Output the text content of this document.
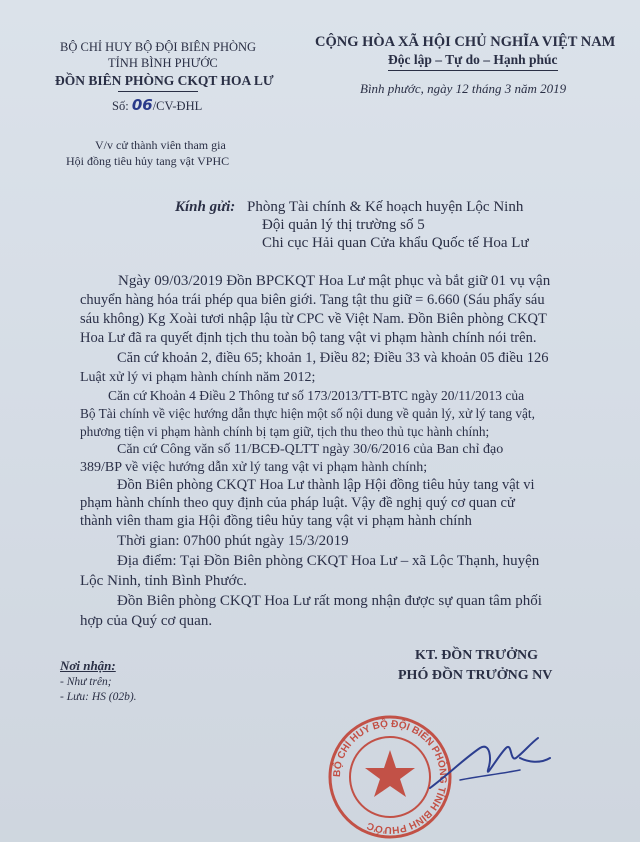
BỘ CHỈ HUY BỘ ĐỘI BIÊN PHÒNG
TỈNH BÌNH PHƯỚC
ĐỒN BIÊN PHÒNG CKQT HOA LƯ
Số: 06/CV-ĐHL
CỘNG HÒA XÃ HỘI CHỦ NGHĨA VIỆT NAM
Độc lập – Tự do – Hạnh phúc
Bình phước, ngày 12 tháng 3 năm 2019
V/v cử thành viên tham gia
Hội đồng tiêu hủy tang vật VPHC
Kính gửi: Phòng Tài chính & Kế hoạch huyện Lộc Ninh
Đội quản lý thị trường số 5
Chi cục Hải quan Cửa khẩu Quốc tế Hoa Lư
Ngày 09/03/2019 Đồn BPCKQT Hoa Lư mật phục và bắt giữ 01 vụ vận
chuyển hàng hóa trái phép qua biên giới. Tang tật thu giữ = 6.660 (Sáu phẩy sáu
sáu không) Kg Xoài tươi nhập lậu từ CPC về Việt Nam. Đồn Biên phòng CKQT
Hoa Lư đã ra quyết định tịch thu toàn bộ tang vật vi phạm hành chính nói trên.
Căn cứ khoản 2, điều 65; khoản 1, Điều 82; Điều 33 và khoản 05 điều 126
Luật xử lý vi phạm hành chính năm 2012;
Căn cứ Khoản 4 Điều 2 Thông tư số 173/2013/TT-BTC ngày 20/11/2013 của
Bộ Tài chính về việc hướng dẫn thực hiện một số nội dung về quản lý, xử lý tang vật,
phương tiện vi phạm hành chính bị tạm giữ, tịch thu theo thủ tục hành chính;
Căn cứ Công văn số 11/BCĐ-QLTT ngày 30/6/2016 của Ban chỉ đạo
389/BP về việc hướng dẫn xử lý tang vật vi phạm hành chính;
Đồn Biên phòng CKQT Hoa Lư thành lập Hội đồng tiêu hủy tang vật vi
phạm hành chính theo quy định của pháp luật. Vậy đề nghị quý cơ quan cử
thành viên tham gia Hội đồng tiêu hủy tang vật vi phạm hành chính
Thời gian: 07h00 phút ngày 15/3/2019
Địa điểm: Tại Đồn Biên phòng CKQT Hoa Lư – xã Lộc Thạnh, huyện
Lộc Ninh, tỉnh Bình Phước.
Đồn Biên phòng CKQT Hoa Lư rất mong nhận được sự quan tâm phối
hợp của Quý cơ quan.
Nơi nhận:
- Như trên;
- Lưu: HS (02b).
KT. ĐỒN TRƯỞNG
PHÓ ĐỒN TRƯỞNG NV
BỘ CHỈ HUY BỘ ĐỘI BIÊN PHÒNG TỈNH BÌNH PHƯỚC
